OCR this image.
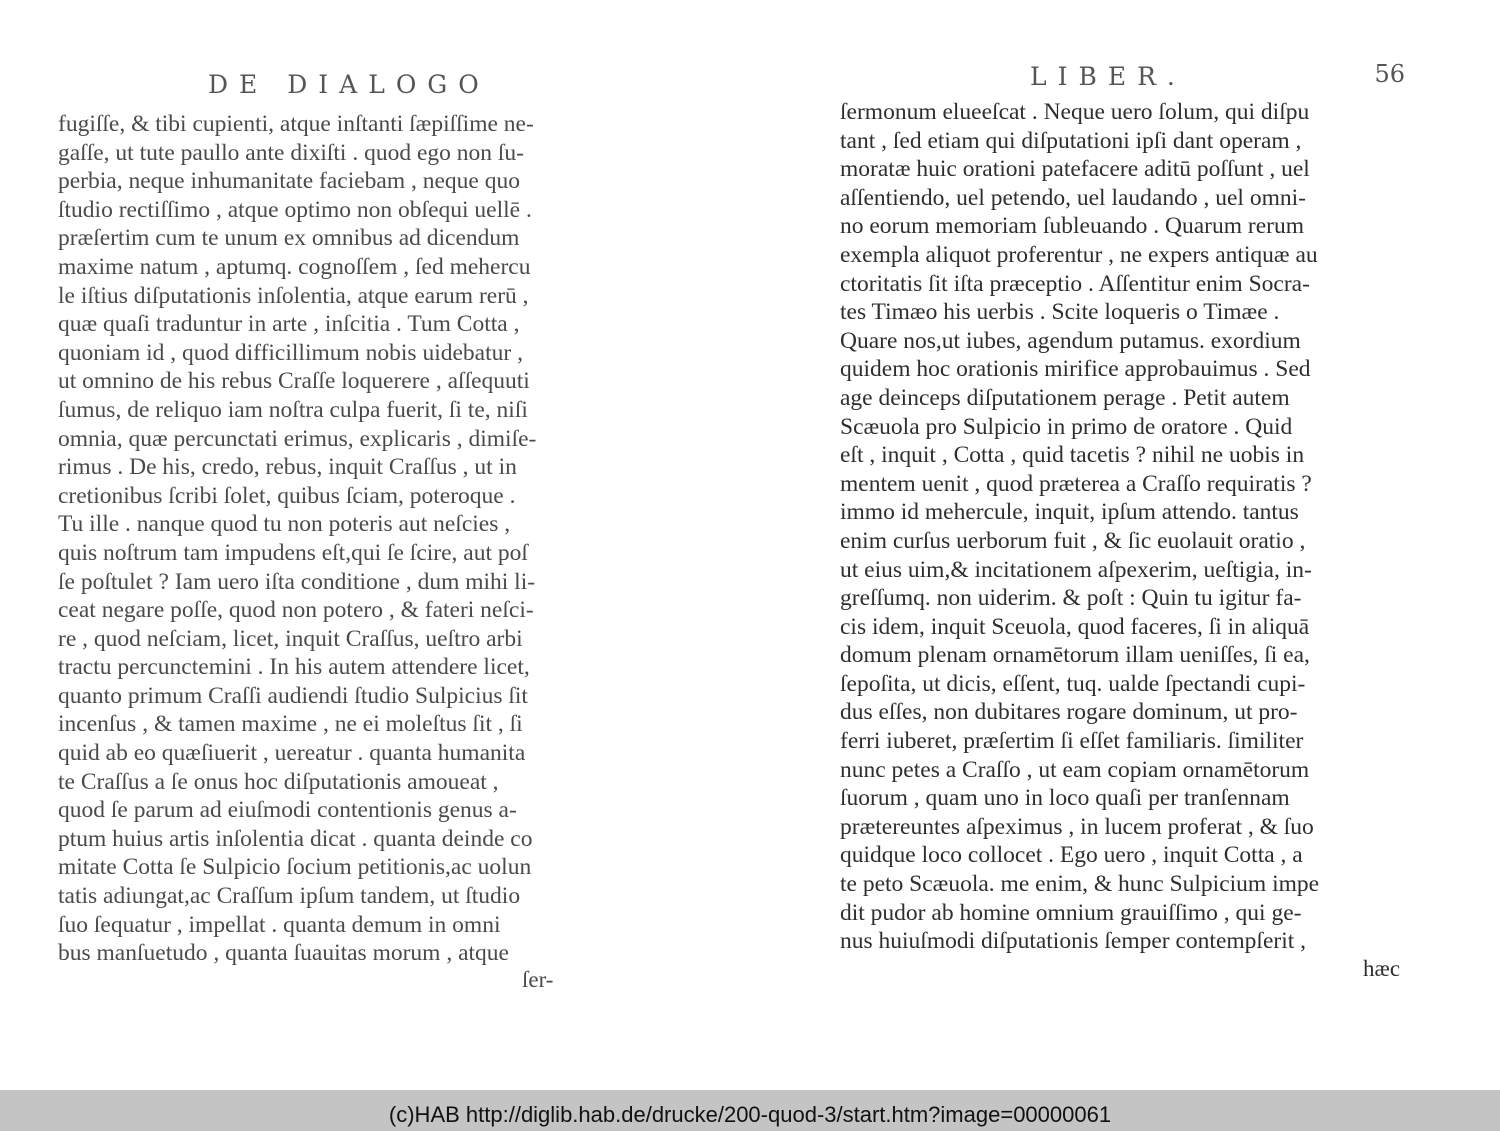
DE DIALOGO
fugiſſe, & tibi cupienti, atque inſtanti ſæpiſſime ne-
gaſſe, ut tute paullo ante dixiſti . quod ego non ſu-
perbia, neque inhumanitate faciebam , neque quo
ſtudio rectiſſimo , atque optimo non obſequi uellē .
præſertim cum te unum ex omnibus ad dicendum
maxime natum , aptumq. cognoſſem , ſed mehercu
le iſtius diſputationis inſolentia, atque earum rerū ,
quæ quaſi traduntur in arte , inſcitia . Tum Cotta ,
quoniam id , quod difficillimum nobis uidebatur ,
ut omnino de his rebus Craſſe loquerere , aſſequuti
ſumus, de reliquo iam noſtra culpa fuerit, ſi te, niſi
omnia, quæ percunctati erimus, explicaris , dimiſe-
rimus . De his, credo, rebus, inquit Craſſus , ut in
cretionibus ſcribi ſolet, quibus ſciam, poteroque .
Tu ille . nanque quod tu non poteris aut neſcies ,
quis noſtrum tam impudens eſt,qui ſe ſcire, aut poſ
ſe poſtulet ? Iam uero iſta conditione , dum mihi li-
ceat negare poſſe, quod non potero , & fateri neſci-
re , quod neſciam, licet, inquit Craſſus, ueſtro arbi
tractu percunctemini . In his autem attendere licet,
quanto primum Craſſi audiendi ſtudio Sulpicius ſit
incenſus , & tamen maxime , ne ei moleſtus ſit , ſi
quid ab eo quæſiuerit , uereatur . quanta humanita
te Craſſus a ſe onus hoc diſputationis amoueat ,
quod ſe parum ad eiuſmodi contentionis genus a-
ptum huius artis inſolentia dicat . quanta deinde co
mitate Cotta ſe Sulpicio ſocium petitionis,ac uolun
tatis adiungat,ac Craſſum ipſum tandem, ut ſtudio
ſuo ſequatur , impellat . quanta demum in omni
bus manſuetudo , quanta ſuauitas morum , atque
ſer-
LIBER.	56
ſermonum elueeſcat . Neque uero ſolum, qui diſpu
tant , ſed etiam qui diſputationi ipſi dant operam ,
moratæ huic orationi patefacere aditū poſſunt , uel
aſſentiendo, uel petendo, uel laudando , uel omni-
no eorum memoriam ſubleuando . Quarum rerum
exempla aliquot proferentur , ne expers antiquæ au
ctoritatis ſit iſta præceptio . Aſſentitur enim Socra-
tes Timæo his uerbis . Scite loqueris o Timæe .
Quare nos,ut iubes, agendum putamus. exordium
quidem hoc orationis mirifice approbauimus . Sed
age deinceps diſputationem perage . Petit autem
Scæuola pro Sulpicio in primo de oratore . Quid
eſt , inquit , Cotta , quid tacetis ? nihil ne uobis in
mentem uenit , quod præterea a Craſſo requiratis ?
immo id mehercule, inquit, ipſum attendo. tantus
enim curſus uerborum fuit , & ſic euolauit oratio ,
ut eius uim,& incitationem aſpexerim, ueſtigia, in-
greſſumq. non uiderim. & poſt : Quin tu igitur fa-
cis idem, inquit Sceuola, quod faceres, ſi in aliquā
domum plenam ornamētorum illam ueniſſes, ſi ea,
ſepoſita, ut dicis, eſſent, tuq. ualde ſpectandi cupi-
dus eſſes, non dubitares rogare dominum, ut pro-
ferri iuberet, præſertim ſi eſſet familiaris. ſimiliter
nunc petes a Craſſo , ut eam copiam ornamētorum
ſuorum , quam uno in loco quaſi per tranſennam
prætereuntes aſpeximus , in lucem proferat , & ſuo
quidque loco collocet . Ego uero , inquit Cotta , a
te peto Scæuola. me enim, & hunc Sulpicium impe
dit pudor ab homine omnium grauiſſimo , qui ge-
nus huiuſmodi diſputationis ſemper contempſerit ,
hæc
(c)HAB http://diglib.hab.de/drucke/200-quod-3/start.htm?image=00000061
